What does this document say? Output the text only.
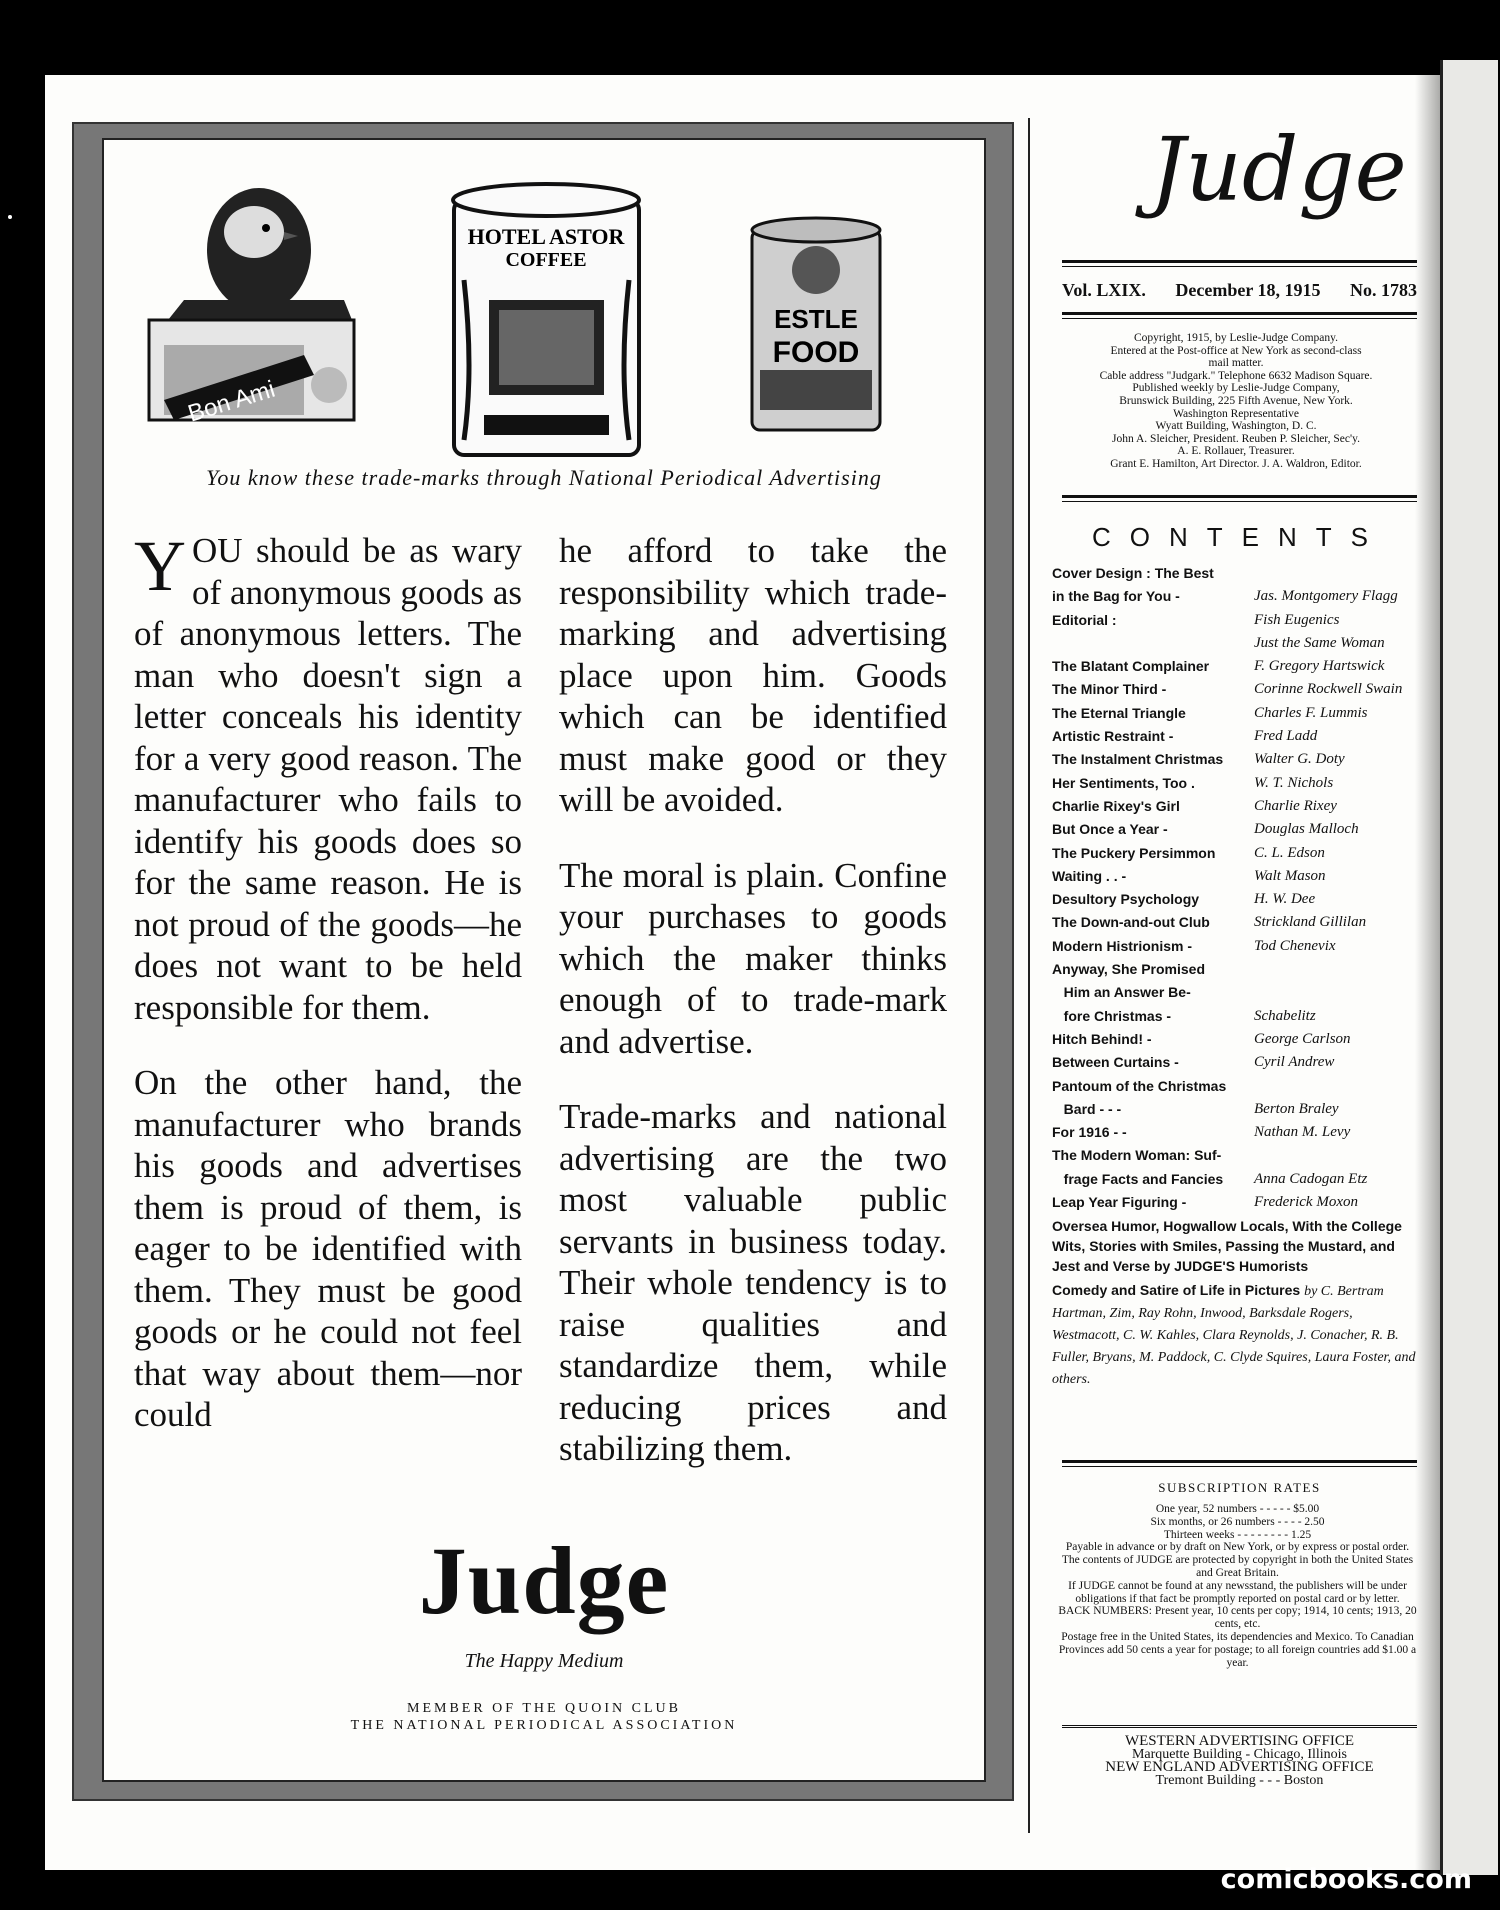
Bon Ami
HOTEL ASTOR
COFFEE
ESTLE
FOOD
You know these trade-marks through National Periodical Advertising

YOU should be as wary of anonymous goods as of anonymous letters. The man who doesn't sign a letter conceals his identity for a very good reason. The manufacturer who fails to identify his goods does so for the same reason. He is not proud of the goods—he does not want to be held responsible for them.

On the other hand, the manufacturer who brands his goods and advertises them is proud of them, is eager to be identified with them. They must be good goods or he could not feel that way about them—nor could

he afford to take the responsibility which trade-marking and advertising place upon him. Goods which can be identified must make good or they will be avoided.

The moral is plain. Confine your purchases to goods which the maker thinks enough of to trade-mark and advertise.

Trade-marks and national advertising are the two most valuable public servants in business today. Their whole tendency is to raise qualities and standardize them, while reducing prices and stabilizing them.

Judge
The Happy Medium
MEMBER OF THE QUOIN CLUB
THE NATIONAL PERIODICAL ASSOCIATION
Judge
Vol. LXIX. December 18, 1915 No. 1783
Copyright, 1915, by Leslie-Judge Company.
Entered at the Post-office at New York as second-class
mail matter.
Cable address "Judgark." Telephone 6632 Madison Square.
Published weekly by Leslie-Judge Company,
Brunswick Building, 225 Fifth Avenue, New York.
Washington Representative
Wyatt Building, Washington, D. C.
John A. Sleicher, President. Reuben P. Sleicher, Sec'y.
A. E. Rollauer, Treasurer.
Grant E. Hamilton, Art Director. J. A. Waldron, Editor.
CONTENTS
Cover Design : The Best
in the Bag for You -	Jas. Montgomery Flagg
Editorial :	Fish Eugenics
Just the Same Woman
The Blatant Complainer	F. Gregory Hartswick
The Minor Third -	Corinne Rockwell Swain
The Eternal Triangle	Charles F. Lummis
Artistic Restraint -	Fred Ladd
The Instalment Christmas	Walter G. Doty
Her Sentiments, Too .	W. T. Nichols
Charlie Rixey's Girl	Charlie Rixey
But Once a Year -	Douglas Malloch
The Puckery Persimmon	C. L. Edson
Waiting . . -	Walt Mason
Desultory Psychology	H. W. Dee
The Down-and-out Club	Strickland Gillilan
Modern Histrionism -	Tod Chenevix
Anyway, She Promised
Him an Answer Be-
fore Christmas -	Schabelitz
Hitch Behind! -	George Carlson
Between Curtains -	Cyril Andrew
Pantoum of the Christmas
Bard - - -	Berton Braley
For 1916 - -	Nathan M. Levy
The Modern Woman: Suf-
frage Facts and Fancies	Anna Cadogan Etz
Leap Year Figuring -	Frederick Moxon
Oversea Humor, Hogwallow Locals, With the College Wits, Stories with Smiles, Passing the Mustard, and Jest and Verse by JUDGE'S Humorists
Comedy and Satire of Life in Pictures by C. Bertram Hartman, Zim, Ray Rohn, Inwood, Barksdale Rogers, Westmacott, C. W. Kahles, Clara Reynolds, J. Conacher, R. B. Fuller, Bryans, M. Paddock, C. Clyde Squires, Laura Foster, and others.
SUBSCRIPTION RATES
One year, 52 numbers - - - - - $5.00
Six months, or 26 numbers - - - - 2.50
Thirteen weeks - - - - - - - - 1.25
Payable in advance or by draft on New York, or by express or postal order.
The contents of JUDGE are protected by copyright in both the United States and Great Britain.
If JUDGE cannot be found at any newsstand, the publishers will be under obligations if that fact be promptly reported on postal card or by letter.
BACK NUMBERS: Present year, 10 cents per copy; 1914, 10 cents; 1913, 20 cents, etc.
Postage free in the United States, its dependencies and Mexico. To Canadian Provinces add 50 cents a year for postage; to all foreign countries add $1.00 a year.
WESTERN ADVERTISING OFFICE
Marquette Building - Chicago, Illinois
NEW ENGLAND ADVERTISING OFFICE
Tremont Building - - - Boston
comicbooks.com
